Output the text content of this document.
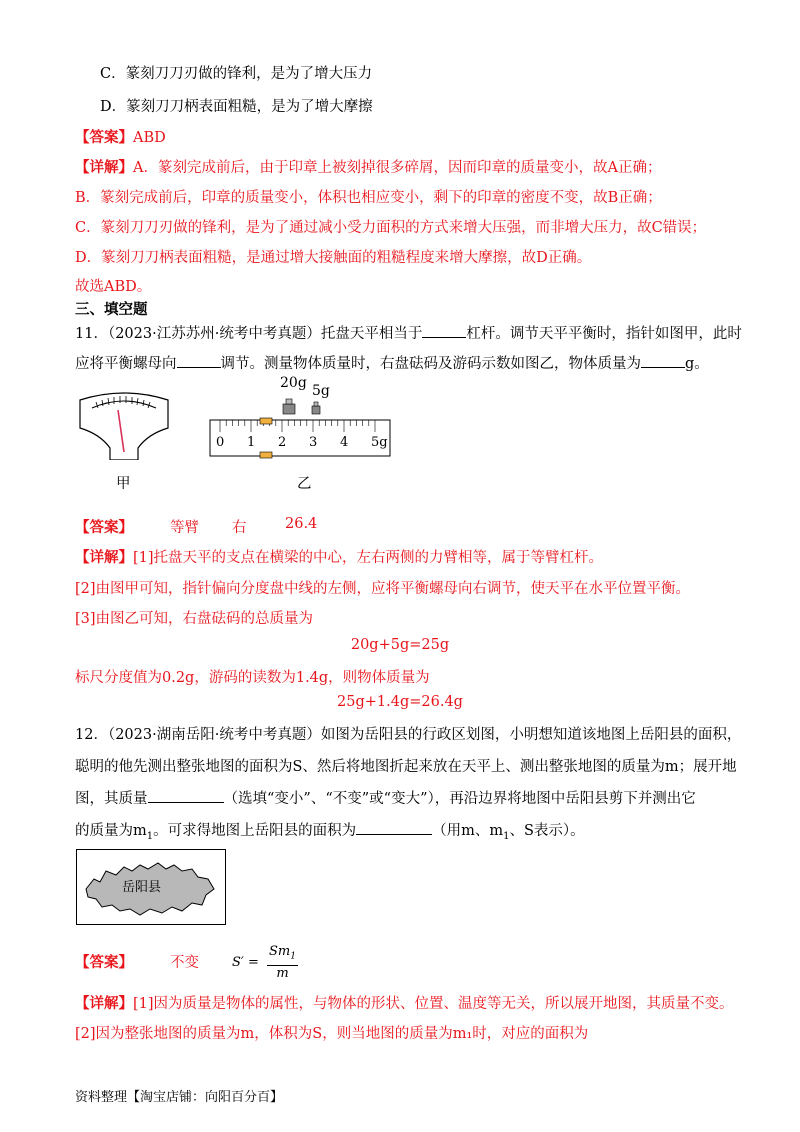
C．篆刻刀刀刃做的锋利，是为了增大压力
D．篆刻刀刀柄表面粗糙，是为了增大摩擦
【答案】ABD
【详解】A．篆刻完成前后，由于印章上被刻掉很多碎屑，因而印章的质量变小，故A正确；
B．篆刻完成前后，印章的质量变小，体积也相应变小，剩下的印章的密度不变，故B正确；
C．篆刻刀刀刃做的锋利，是为了通过减小受力面积的方式来增大压强，而非增大压力，故C错误；
D．篆刻刀刀柄表面粗糙，是通过增大接触面的粗糙程度来增大摩擦，故D正确。
故选ABD。
三、填空题
11．（2023·江苏苏州·统考中考真题）托盘天平相当于	杠杆。调节天平平衡时，指针如图甲，此时
应将平衡螺母向	调节。测量物体质量时，右盘砝码及游码示数如图乙，物体质量为	g。
甲
20g 5g
0 1 2 3 4 5g
乙
【答案】	等臂 右	26.4
【详解】[1]托盘天平的支点在横梁的中心，左右两侧的力臂相等，属于等臂杠杆。
[2]由图甲可知，指针偏向分度盘中线的左侧，应将平衡螺母向右调节，使天平在水平位置平衡。
[3]由图乙可知，右盘砝码的总质量为
20g+5g=25g
标尺分度值为0.2g，游码的读数为1.4g，则物体质量为
25g+1.4g=26.4g
12．（2023·湖南岳阳·统考中考真题）如图为岳阳县的行政区划图，小明想知道该地图上岳阳县的面积，
聪明的他先测出整张地图的面积为S、然后将地图折起来放在天平上、测出整张地图的质量为m；展开地
图，其质量	（选填“变小”、“不变”或“变大”），再沿边界将地图中岳阳县剪下并测出它
的质量为$m_1$。可求得地图上岳阳县的面积为	（用m、$m_1$、S表示）。
岳阳县
【答案】	不变	$S' = \frac{Sm_1}{m}$
【详解】[1]因为质量是物体的属性，与物体的形状、位置、温度等无关，所以展开地图，其质量不变。
[2]因为整张地图的质量为m，体积为S，则当地图的质量为m₁时，对应的面积为
资料整理【淘宝店铺：向阳百分百】
